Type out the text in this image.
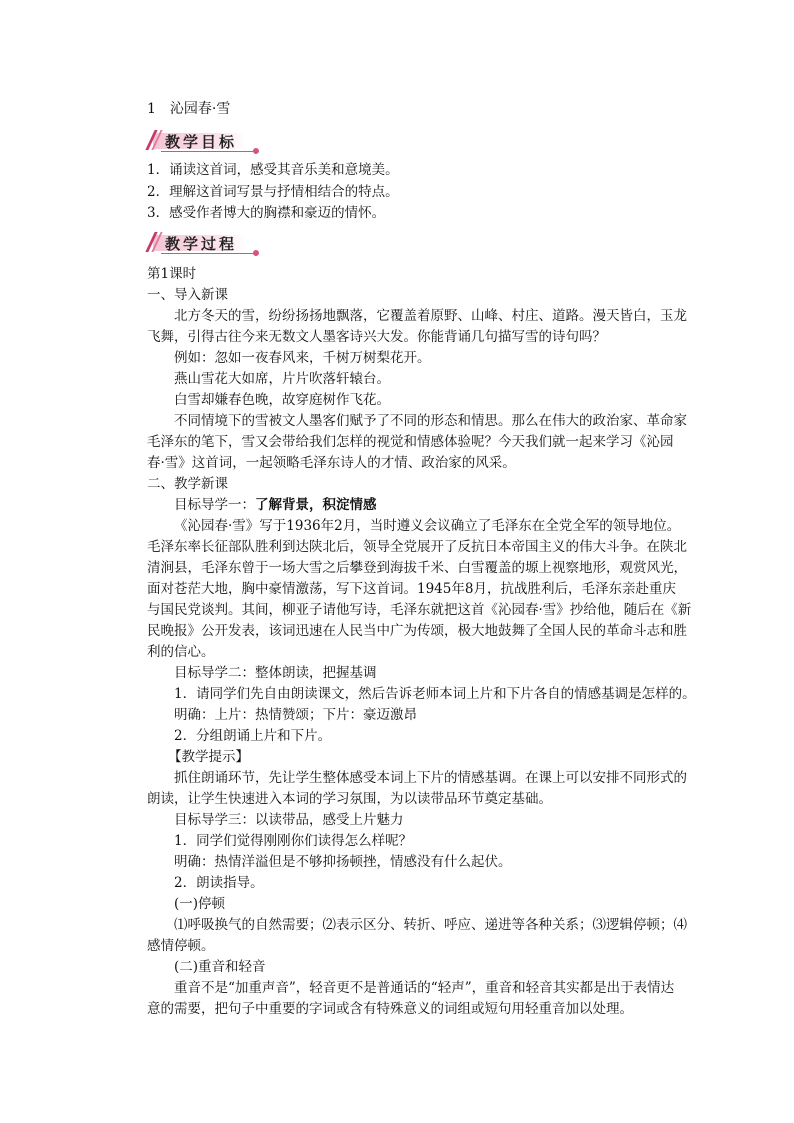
1　沁园春·雪
教学目标
1．诵读这首词，感受其音乐美和意境美。
2．理解这首词写景与抒情相结合的特点。
3．感受作者博大的胸襟和豪迈的情怀。
教学过程
第1课时
一、导入新课
北方冬天的雪，纷纷扬扬地飘落，它覆盖着原野、山峰、村庄、道路。漫天皆白，玉龙
飞舞，引得古往今来无数文人墨客诗兴大发。你能背诵几句描写雪的诗句吗？
例如：忽如一夜春风来，千树万树梨花开。
燕山雪花大如席，片片吹落轩辕台。
白雪却嫌春色晚，故穿庭树作飞花。
不同情境下的雪被文人墨客们赋予了不同的形态和情思。那么在伟大的政治家、革命家
毛泽东的笔下，雪又会带给我们怎样的视觉和情感体验呢？今天我们就一起来学习《沁园
春·雪》这首词，一起领略毛泽东诗人的才情、政治家的风采。
二、教学新课
目标导学一：了解背景，积淀情感
《沁园春·雪》写于1936年2月，当时遵义会议确立了毛泽东在全党全军的领导地位。
毛泽东率长征部队胜利到达陕北后，领导全党展开了反抗日本帝国主义的伟大斗争。在陕北
清涧县，毛泽东曾于一场大雪之后攀登到海拔千米、白雪覆盖的塬上视察地形，观赏风光，
面对苍茫大地，胸中豪情激荡，写下这首词。1945年8月，抗战胜利后，毛泽东亲赴重庆
与国民党谈判。其间，柳亚子请他写诗，毛泽东就把这首《沁园春·雪》抄给他，随后在《新
民晚报》公开发表，该词迅速在人民当中广为传颂，极大地鼓舞了全国人民的革命斗志和胜
利的信心。
目标导学二：整体朗读，把握基调
1．请同学们先自由朗读课文，然后告诉老师本词上片和下片各自的情感基调是怎样的。
明确：上片：热情赞颂；下片：豪迈激昂
2．分组朗诵上片和下片。
【教学提示】
抓住朗诵环节，先让学生整体感受本词上下片的情感基调。在课上可以安排不同形式的
朗读，让学生快速进入本词的学习氛围，为以读带品环节奠定基础。
目标导学三：以读带品，感受上片魅力
1．同学们觉得刚刚你们读得怎么样呢？
明确：热情洋溢但是不够抑扬顿挫，情感没有什么起伏。
2．朗读指导。
(一)停顿
⑴呼吸换气的自然需要；⑵表示区分、转折、呼应、递进等各种关系；⑶逻辑停顿；⑷
感情停顿。
(二)重音和轻音
重音不是“加重声音”，轻音更不是普通话的“轻声”，重音和轻音其实都是出于表情达
意的需要，把句子中重要的字词或含有特殊意义的词组或短句用轻重音加以处理。
